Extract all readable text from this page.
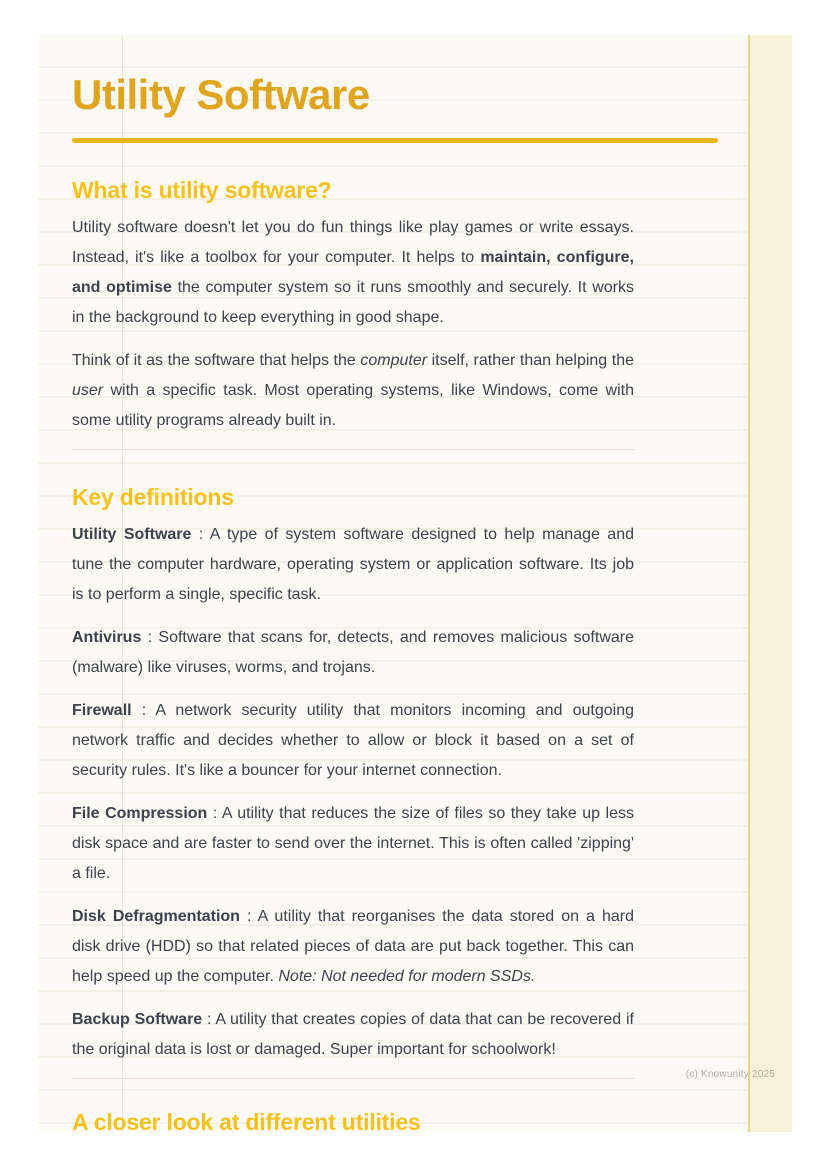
Utility Software
What is utility software?

Utility software doesn't let you do fun things like play games or write essays. Instead, it's like a toolbox for your computer. It helps to maintain, configure, and optimise the computer system so it runs smoothly and securely. It works in the background to keep everything in good shape.

Think of it as the software that helps the computer itself, rather than helping the user with a specific task. Most operating systems, like Windows, come with some utility programs already built in.

Key definitions

Utility Software : A type of system software designed to help manage and tune the computer hardware, operating system or application software. Its job is to perform a single, specific task.

Antivirus : Software that scans for, detects, and removes malicious software (malware) like viruses, worms, and trojans.

Firewall : A network security utility that monitors incoming and outgoing network traffic and decides whether to allow or block it based on a set of security rules. It's like a bouncer for your internet connection.

File Compression : A utility that reduces the size of files so they take up less disk space and are faster to send over the internet. This is often called 'zipping' a file.

Disk Defragmentation : A utility that reorganises the data stored on a hard disk drive (HDD) so that related pieces of data are put back together. This can help speed up the computer. Note: Not needed for modern SSDs.

Backup Software : A utility that creates copies of data that can be recovered if the original data is lost or damaged. Super important for schoolwork!

A closer look at different utilities
(c) Knowunity 2025
